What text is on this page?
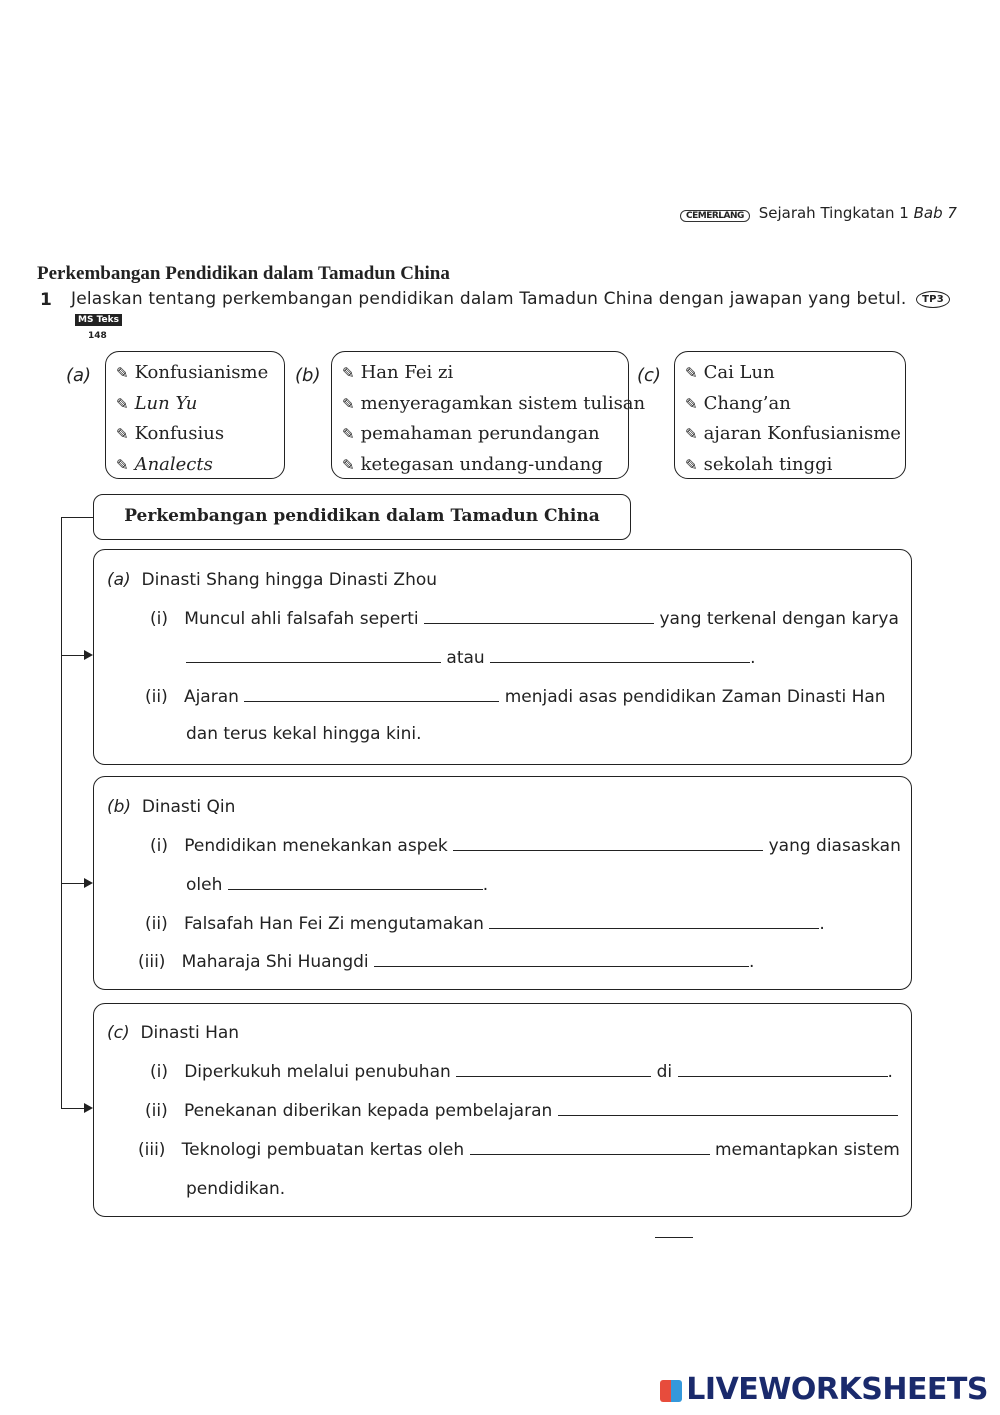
CEMERLANG Sejarah Tingkatan 1 Bab 7
Perkembangan Pendidikan dalam Tamadun China
1 Jelaskan tentang perkembangan pendidikan dalam Tamadun China dengan jawapan yang betul. TP3
MS Teks
148
(a) ✎ Konfusianisme
✎ Lun Yu
✎ Konfusius
✎ Analects
(b) ✎ Han Fei zi
✎ menyeragamkan sistem tulisan
✎ pemahaman perundangan
✎ ketegasan undang-undang
(c) ✎ Cai Lun
✎ Chang’an
✎ ajaran Konfusianisme
✎ sekolah tinggi
Perkembangan pendidikan dalam Tamadun China
(a) Dinasti Shang hingga Dinasti Zhou
(i) Muncul ahli falsafah seperti	yang terkenal dengan karya
atau	.
(ii) Ajaran	menjadi asas pendidikan Zaman Dinasti Han
dan terus kekal hingga kini.
(b) Dinasti Qin
(i) Pendidikan menekankan aspek	yang diasaskan
oleh	.
(ii) Falsafah Han Fei Zi mengutamakan	.
(iii) Maharaja Shi Huangdi	.
(c) Dinasti Han
(i) Diperkukuh melalui penubuhan	di	.
(ii) Penekanan diberikan kepada pembelajaran
(iii) Teknologi pembuatan kertas oleh	memantapkan sistem
pendidikan.
LIVEWORKSHEETS
